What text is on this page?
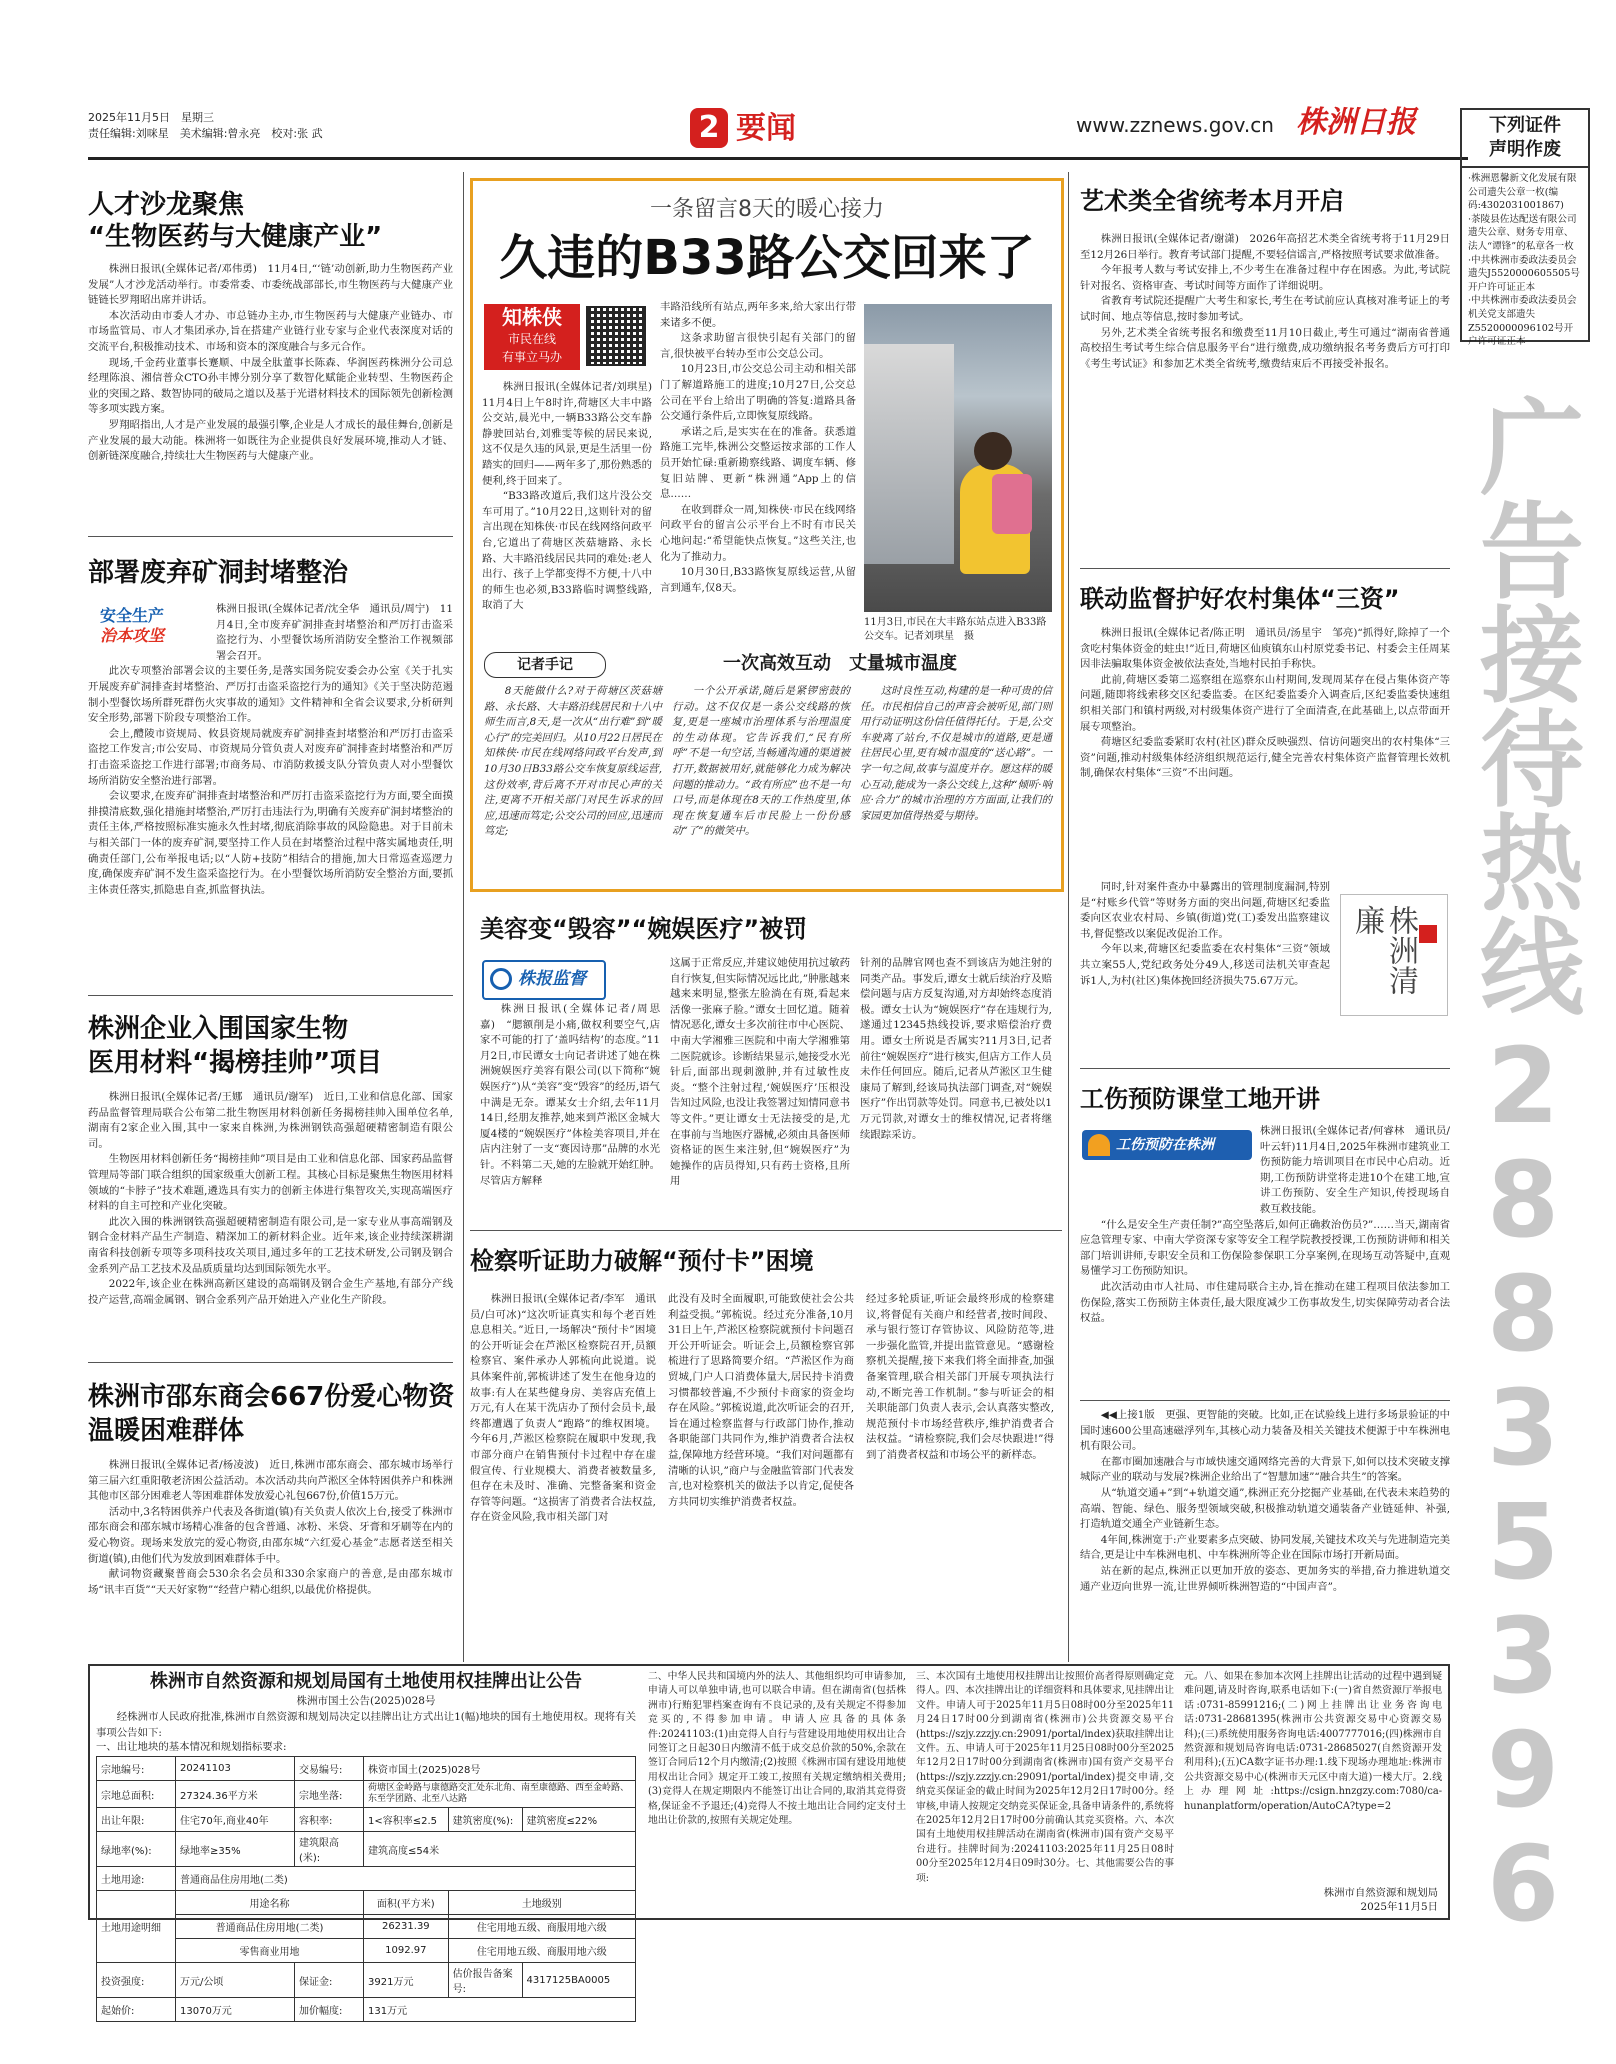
2025年11月5日　星期三
责任编辑:刘咪星　美术编辑:曾永亮　校对:张 武	2 要闻	www.zznews.gov.cn 株洲日报	下列证件
声明作废
·株洲恩馨新文化发展有限公司遗失公章一枚(编码:4302031001867)
·茶陵县佐达配送有限公司遗失公章、财务专用章、法人“谭锋”的私章各一枚
·中共株洲市委政法委员会遗失J5520000605505号开户许可证正本
·中共株洲市委政法委员会机关党支部遗失Z5520000096102号开户许可证正本
广告接待热线
28835396
人才沙龙聚焦
“生物医药与大健康产业”

株洲日报讯(全媒体记者/邓伟勇)　11月4日,“‘链’动创新,助力生物医药产业发展”人才沙龙活动举行。市委常委、市委统战部部长,市生物医药与大健康产业链链长罗翔昭出席并讲话。

本次活动由市委人才办、市总链办主办,市生物医药与大健康产业链办、市市场监管局、市人才集团承办,旨在搭建产业链行业专家与企业代表深度对话的交流平台,积极推动技术、市场和资本的深度融合与多元合作。

现场,千金药业董事长蹇顺、中晟全肽董事长陈森、华润医药株洲分公司总经理陈浪、湘信普众CTO孙丰博分别分享了数智化赋能企业转型、生物医药企业的突围之路、数智协同的破局之道以及基于光谱材料技术的国际领先创新检测等多项实践方案。

罗翔昭指出,人才是产业发展的最强引擎,企业是人才成长的最佳舞台,创新是产业发展的最大动能。株洲将一如既往为企业提供良好发展环境,推动人才链、创新链深度融合,持续壮大生物医药与大健康产业。

部署废弃矿洞封堵整治
安全生产
治本攻坚

株洲日报讯(全媒体记者/沈全华　通讯员/周宁)　11月4日,全市废弃矿洞排查封堵整治和严厉打击盗采盗挖行为、小型餐饮场所消防安全整治工作视频部署会召开。

此次专项整治部署会议的主要任务,是落实国务院安委会办公室《关于扎实开展废弃矿洞排查封堵整治、严厉打击盗采盗挖行为的通知》《关于坚决防范遏制小型餐饮场所群死群伤火灾事故的通知》文件精神和全省会议要求,分析研判安全形势,部署下阶段专项整治工作。

会上,醴陵市资规局、攸县资规局就废弃矿洞排查封堵整治和严厉打击盗采盗挖工作发言;市公安局、市资规局分管负责人对废弃矿洞排查封堵整治和严厉打击盗采盗挖工作进行部署;市商务局、市消防救援支队分管负责人对小型餐饮场所消防安全整治进行部署。

会议要求,在废弃矿洞排查封堵整治和严厉打击盗采盗挖行为方面,要全面摸排摸清底数,强化措施封堵整治,严厉打击违法行为,明确有关废弃矿洞封堵整治的责任主体,严格按照标准实施永久性封堵,彻底消除事故的风险隐患。对于目前未与相关部门一体的废弃矿洞,要坚持工作人员在封堵整治过程中落实属地责任,明确责任部门,公布举报电话;以“人防+技防”相结合的措施,加大日常巡查巡逻力度,确保废弃矿洞不发生盗采盗挖行为。在小型餐饮场所消防安全整治方面,要抓主体责任落实,抓隐患自查,抓监督执法。

株洲企业入围国家生物
医用材料“揭榜挂帅”项目

株洲日报讯(全媒体记者/王娜　通讯员/谢军)　近日,工业和信息化部、国家药品监督管理局联合公布第二批生物医用材料创新任务揭榜挂帅入围单位名单,湖南有2家企业入围,其中一家来自株洲,为株洲钢铁高强超硬精密制造有限公司。

生物医用材料创新任务“揭榜挂帅”项目是由工业和信息化部、国家药品监督管理局等部门联合组织的国家级重大创新工程。其核心目标是聚焦生物医用材料领域的“卡脖子”技术难题,遴选具有实力的创新主体进行集智攻关,实现高端医疗材料的自主可控和产业化突破。

此次入围的株洲钢铁高强超硬精密制造有限公司,是一家专业从事高端钢及钢合金材料产品生产制造、精深加工的新材料企业。近年来,该企业持续深耕湖南省科技创新专项等多项科技攻关项目,通过多年的工艺技术研发,公司钢及钢合金系列产品工艺技术及品质质量均达到国际领先水平。

2022年,该企业在株洲高新区建设的高端钢及钢合金生产基地,有部分产线投产运营,高端金属钢、钢合金系列产品开始进入产业化生产阶段。

株洲市邵东商会667份爱心物资
温暖困难群体

株洲日报讯(全媒体记者/杨凌波)　近日,株洲市邵东商会、邵东城市场举行第三届六红重阳敬老济困公益活动。本次活动共向芦淞区全体特困供养户和株洲其他市区部分困难老人等困难群体发放爱心礼包667份,价值15万元。

活动中,3名特困供养户代表及各街道(镇)有关负责人依次上台,接受了株洲市邵东商会和邵东城市场精心准备的包含普通、冰粉、米袋、牙膏和牙刷等在内的爱心物资。现场来发放完的爱心物资,由邵东城“六红爱心基金”志愿者送至相关街道(镇),由他们代为发放到困难群体手中。

献词物资藏聚普商会530余名会员和330余家商户的善意,是由邵东城市场“讯丰百货”“天天好家物”“经营户精心组织,以最优价格提供。

一条留言8天的暖心接力
久违的B33路公交回来了
知株侠
市民在线
有事立马办

株洲日报讯(全媒体记者/刘琪星)　11月4日上午8时许,荷塘区大丰中路公交站,晨光中,一辆B33路公交车静静驶回站台,刘雅雯等候的居民来说,这不仅是久违的风景,更是生活里一份踏实的回归——两年多了,那份熟悉的便利,终于回来了。

“B33路改道后,我们这片没公交车可用了。”10月22日,这则针对的留言出现在知株侠·市民在线网络问政平台,它道出了荷塘区茨菇塘路、永长路、大丰路沿线居民共同的难处:老人出行、孩子上学都变得不方便,十八中的师生也必须,B33路临时调整线路,取消了大

丰路沿线所有站点,两年多来,给大家出行带来诸多不便。

这条求助留言很快引起有关部门的留言,很快被平台转办至市公交总公司。

10月23日,市公交总公司主动和相关部门了解道路施工的进度;10月27日,公交总公司在平台上给出了明确的答复:道路具备公交通行条件后,立即恢复原线路。

承诺之后,是实实在在的准备。获悉道路施工完毕,株洲公交整运按求部的工作人员开始忙碌:重新勘察线路、调度车辆、修复旧站牌、更新“株洲通”App上的信息……

在收到群众一周,知株侠·市民在线网络问政平台的留言公示平台上不时有市民关心地问起:“希望能快点恢复。”这些关注,也化为了推动力。

10月30日,B33路恢复原线运营,从留言到通车,仅8天。

11月3日,市民在大丰路东站点进入B33路公交车。记者刘琪星　摄
记者手记	一次高效互动　丈量城市温度

8天能做什么?对于荷塘区茨菇塘路、永长路、大丰路沿线居民和十八中师生而言,8天,是一次从“出行难”到“暖心行”的完美回归。从10月22日居民在知株侠·市民在线网络问政平台发声,到10月30日B33路公交车恢复原线运营,这份效率,背后离不开对市民心声的关注,更离不开相关部门对民生诉求的回应,迅速而笃定;公交公司的回应,迅速而笃定;

一个公开承诺,随后是紧锣密鼓的行动。这不仅仅是一条公交线路的恢复,更是一座城市治理体系与治理温度的生动体现。它告诉我们,“民有所呼”不是一句空话,当畅通沟通的渠道被打开,数据被用好,就能够化力成为解决问题的推动力。“政有所应”也不是一句口号,而是体现在8天的工作热度里,体现在恢复通车后市民脸上一份份感动“了”的微笑中。

这时良性互动,构建的是一种可贵的信任。市民相信自己的声音会被听见,部门则用行动证明这份信任值得托付。于是,公交车驶离了站台,不仅是城市的道路,更是通往居民心里,更有城市温度的“送心路”。一字一句之间,故事与温度并存。愿这样的暖心互动,能成为一条公交线上,这种“倾听·响应·合力”的城市治理的方方面面,让我们的家园更加值得热爱与期待。

美容变“毁容”“婉娱医疗”被罚
株报监督

株洲日报讯(全媒体记者/周思嘉)　“腮额削是小痛,做权利要空气,店家不可能的打了‘盖吗结构’的态度。”11月2日,市民谭女士向记者讲述了她在株洲婉娱医疗美容有限公司(以下简称“婉娱医疗”)从“美容”变“毁容”的经历,语气中满是无奈。谭某女士介绍,去年11月14日,经朋友推荐,她来到芦淞区金城大厦4楼的“婉娱医疗”体检美容项目,并在店内注射了一支“赛因诗那”品牌的水光针。不料第二天,她的左脸就开始红肿。尽管店方解释

这属于正常反应,并建议她使用抗过敏药自行恢复,但实际情况远比此,”肿胀越来越来来明显,整张左脸淌在有斑,看起来活像一张麻子脸。”谭女士回忆道。随着情况恶化,谭女士多次前往市中心医院、中南大学湘雅三医院和中南大学湘雅第二医院就诊。诊断结果显示,她接受水光针后,面部出现刺激肿,并有过敏性皮炎。“整个注射过程,‘婉娱医疗’压根没告知过风险,也没让我签署过知情同意书等文件。”更让谭女士无法接受的是,尤在事前与当地医疗器械,必须由具备医师资格证的医生来注射,但“婉娱医疗”为她操作的店员得知,只有药士资格,且所用

针剂的品牌官网也查不到该店为她注射的同类产品。事发后,谭女士就后续治疗及赔偿问题与店方反复沟通,对方却始终态度消极。谭女士认为“婉娱医疗”存在违规行为,遂通过12345热线投诉,要求赔偿治疗费用。谭女士所说是否属实?11月3日,记者前往“婉娱医疗”进行核实,但店方工作人员未作任何回应。随后,记者从芦淞区卫生健康局了解到,经该局执法部门调查,对“婉娱医疗”作出罚款等处罚。同意书,已被处以1万元罚款,对谭女士的维权情况,记者将继续跟踪采访。

检察听证助力破解“预付卡”困境

株洲日报讯(全媒体记者/李军　通讯员/白可冰)“这次听证真实和每个老百姓息息相关。”近日,一场解决“预付卡”困境的公开听证会在芦淞区检察院召开,员额检察官、案件承办人郭梳向此说道。说具体案件前,郭梳讲述了发生在他身边的故事:有人在某些健身房、美容店充值上万元,有人在某干洗店办了预付会员卡,最终都遭遇了负责人“跑路”的维权困境。今年6月,芦淞区检察院在履职中发现,我市部分商户在销售预付卡过程中存在虚假宣传、行业规模大、消费者被数量多,但存在未及时、准确、完整备案和资金存管等问题。“这损害了消费者合法权益,存在资金风险,我市相关部门对

此没有及时全面履职,可能致使社会公共利益受损。”郭梳说。经过充分准备,10月31日上午,芦淞区检察院就预付卡问题召开公开听证会。听证会上,员额检察官郭梳进行了思路简要介绍。“芦淞区作为商贸城,门户人口消费体量大,居民持卡消费习惯都较普遍,不少预付卡商家的资金均存在风险。”郭梳说道,此次听证会的召开,旨在通过检察监督与行政部门协作,推动各职能部门共同作为,维护消费者合法权益,保障地方经营环境。“我们对问题都有清晰的认识,”商户与金融监管部门代表发言,也对检察机关的做法予以肯定,促使各方共同切实维护消费者权益。

经过多轮质证,听证会最终形成的检察建议,将督促有关商户和经营者,按时间段、承与银行签订存管协议、风险防范等,进一步强化监管,并提出监管意见。“感谢检察机关提醒,接下来我们将全面排查,加强备案管理,联合相关部门开展专项执法行动,不断完善工作机制。”参与听证会的相关职能部门负责人表示,会认真落实整改,规范预付卡市场经营秩序,维护消费者合法权益。“请检察院,我们会尽快跟进!”得到了消费者权益和市场公平的新样态。

艺术类全省统考本月开启

株洲日报讯(全媒体记者/谢潇)　2026年高招艺术类全省统考将于11月29日至12月26日举行。教育考试部门提醒,不要轻信谣言,严格按照考试要求做准备。

今年报考人数与考试安排上,不少考生在准备过程中存在困惑。为此,考试院针对报名、资格审查、考试时间等方面作了详细说明。

省教育考试院还提醒广大考生和家长,考生在考试前应认真核对准考证上的考试时间、地点等信息,按时参加考试。

另外,艺术类全省统考报名和缴费至11月10日截止,考生可通过“湖南省普通高校招生考试考生综合信息服务平台”进行缴费,成功缴纳报名考务费后方可打印《考生考试证》和参加艺术类全省统考,缴费结束后不再接受补报名。

联动监督护好农村集体“三资”

株洲日报讯(全媒体记者/陈正明　通讯员/汤星宇　邹亮)“抓得好,除掉了一个贪吃村集体资金的蛀虫!”近日,荷塘区仙庾镇东山村原党委书记、村委会主任周某因非法骗取集体资金被依法查处,当地村民拍手称快。

此前,荷塘区委第二巡察组在巡察东山村期间,发现周某存在侵占集体资产等问题,随即将线索移交区纪委监委。在区纪委监委介入调查后,区纪委监委快速组织相关部门和镇村两级,对村级集体资产进行了全面清查,在此基础上,以点带面开展专项整治。

荷塘区纪委监委紧盯农村(社区)群众反映强烈、信访问题突出的农村集体“三资”问题,推动村级集体经济组织规范运行,健全完善农村集体资产监督管理长效机制,确保农村集体“三资”不出问题。

同时,针对案件查办中暴露出的管理制度漏洞,特别是“村账乡代管”等财务方面的突出问题,荷塘区纪委监委向区农业农村局、乡镇(街道)党(工)委发出监察建议书,督促整改以案促改促治工作。

今年以来,荷塘区纪委监委在农村集体“三资”领域共立案55人,党纪政务处分49人,移送司法机关审查起诉1人,为村(社区)集体挽回经济损失75.67万元。	株洲清廉
工伤预防课堂工地开讲
工伤预防在株洲

株洲日报讯(全媒体记者/何睿林　通讯员/叶云轩)11月4日,2025年株洲市建筑业工伤预防能力培训项目在市民中心启动。近期,工伤预防讲堂将走进10个在建工地,宣讲工伤预防、安全生产知识,传授现场自救互救技能。

“什么是安全生产责任制?”高空坠落后,如何正确救治伤员?”……当天,湖南省应急管理专家、中南大学资深专家等安全工程学院教授授课,工伤预防讲师和相关部门培训讲师,专职安全员和工伤保险参保职工分享案例,在现场互动答疑中,直观易懂学习工伤预防知识。

此次活动由市人社局、市住建局联合主办,旨在推动在建工程项目依法参加工伤保险,落实工伤预防主体责任,最大限度减少工伤事故发生,切实保障劳动者合法权益。

◀◀上接1版　更强、更智能的突破。比如,正在试验线上进行多场景验证的中国时速600公里高速磁浮列车,其核心动力装备及相关关键技术便源于中车株洲电机有限公司。

在都市圈加速融合与市域快速交通网络完善的大背景下,如何以技术突破支撑城际产业的联动与发展?株洲企业给出了“智慧加速”“融合共生”的答案。

从“轨道交通+”到“+轨道交通”,株洲正充分挖掘产业基础,在代表未来趋势的高端、智能、绿色、服务型领域突破,积极推动轨道交通装备产业链延伸、补强,打造轨道交通全产业链新生态。

4年间,株洲宽于:产业要素多点突破、协同发展,关键技术攻关与先进制造完美结合,更是让中车株洲电机、中车株洲所等企业在国际市场打开新局面。

站在新的起点,株洲正以更加开放的姿态、更加务实的举措,奋力推进轨道交通产业迈向世界一流,让世界倾听株洲智造的“中国声音”。

株洲市自然资源和规划局国有土地使用权挂牌出让公告
株洲市国土公告(2025)028号

经株洲市人民政府批准,株洲市自然资源和规划局决定以挂牌出让方式出让1(幅)地块的国有土地使用权。现将有关事项公告如下:

一、出让地块的基本情况和规划指标要求:
宗地编号:	20241103	交易编号:	株资市国土(2025)028号		
宗地总面积:	27324.36平方米	宗地坐落:	荷塘区金岭路与康德路交汇处东北角、南至康德路、西至金岭路、东至学团路、北至八达路		
出让年限:	住宅70年,商业40年	容积率:	1<容积率≤2.5	建筑密度(%):	建筑密度≤22%
绿地率(%):	绿地率≥35%	建筑限高(米):	建筑高度≤54米		
土地用途:	普通商品住房用地(二类)				
土地用途明细	用途名称		面积(平方米)	土地级别	
	普通商品住房用地(二类)		26231.39	住宅用地五级、商服用地六级	
	零售商业用地		1092.97	住宅用地五级、商服用地六级	
投资强度:	万元/公顷	保证金:	3921万元	估价报告备案号:	4317125BA0005
起始价:	13070万元	加价幅度:	131万元		

二、中华人民共和国境内外的法人、其他组织均可申请参加,申请人可以单独申请,也可以联合申请。但在湖南省(包括株洲市)行贿犯罪档案查询有不良记录的,及有关规定不得参加竞买的,不得参加申请。申请人应具备的具体条件:20241103:(1)由竞得人自行与营建设用地使用权出让合同签订之日起30日内缴清不低于成交总价款的50%,余款在签订合同后12个月内缴清;(2)按照《株洲市国有建设用地使用权出让合同》规定开工竣工,按照有关规定缴纳相关费用;(3)竞得人在规定期限内不能签订出让合同的,取消其竞得资格,保证金不予退还;(4)竞得人不按土地出让合同约定支付土地出让价款的,按照有关规定处理。

三、本次国有土地使用权挂牌出让按照价高者得原则确定竞得人。四、本次挂牌出让的详细资料和具体要求,见挂牌出让文件。申请人可于2025年11月5日08时00分至2025年11月24日17时00分到湖南省(株洲市)公共资源交易平台(https://szjy.zzzjy.cn:29091/portal/index)获取挂牌出让文件。五、申请人可于2025年11月25日08时00分至2025年12月2日17时00分到湖南省(株洲市)国有资产交易平台(https://szjy.zzzjy.cn:29091/portal/index)提交申请,交纳竞买保证金的截止时间为2025年12月2日17时00分。经审核,申请人按规定交纳竞买保证金,具备申请条件的,系统将在2025年12月2日17时00分前确认其竞买资格。六、本次国有土地使用权挂牌活动在湖南省(株洲市)国有资产交易平台进行。挂牌时间为:20241103:2025年11月25日08时00分至2025年12月4日09时30分。七、其他需要公告的事项:

元。八、如果在参加本次网上挂牌出让活动的过程中遇到疑难问题,请及时咨询,联系电话如下:(一)省自然资源厅举报电话:0731-85991216;(二)网上挂牌出让业务咨询电话:0731-28681395(株洲市公共资源交易中心资源交易科);(三)系统使用服务咨询电话:4007777016;(四)株洲市自然资源和规划局咨询电话:0731-28685027(自然资源开发利用科);(五)CA数字证书办理:1.线下现场办理地址:株洲市公共资源交易中心(株洲市天元区中南大道)一楼大厅。2.线上办理网址:https://csign.hnzgzy.com:7080/ca-hunanplatform/operation/AutoCA?type=2

株洲市自然资源和规划局
2025年11月5日
